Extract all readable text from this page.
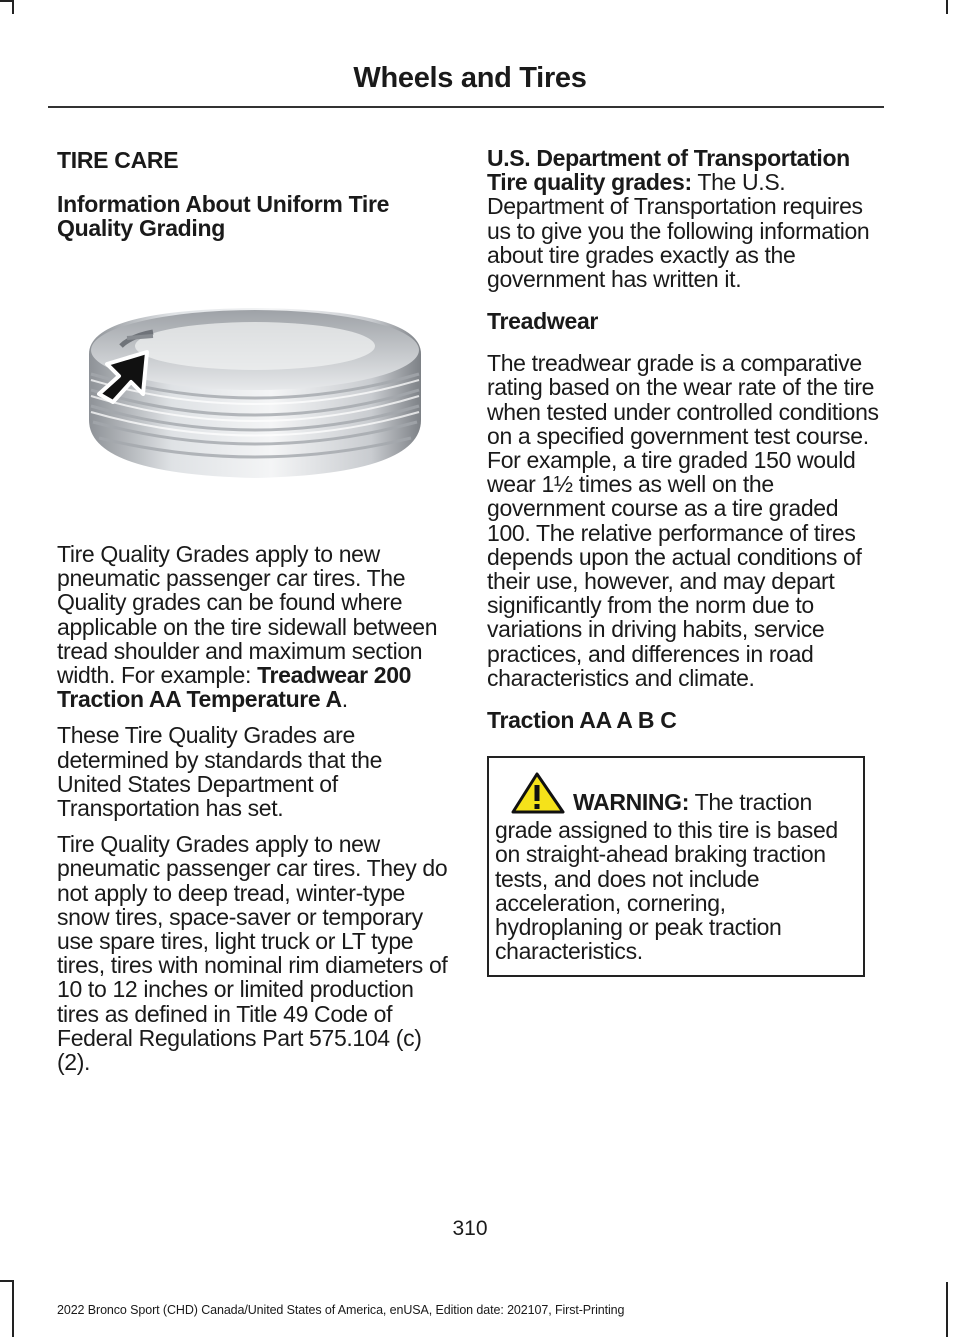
Wheels and Tires
TIRE CARE
Information About Uniform Tire Quality Grading

Tire Quality Grades apply to new pneumatic passenger car tires. The Quality grades can be found where applicable on the tire sidewall between tread shoulder and maximum section width. For example: Treadwear 200 Traction AA Temperature A.

These Tire Quality Grades are determined by standards that the United States Department of Transportation has set.

Tire Quality Grades apply to new pneumatic passenger car tires. They do not apply to deep tread, winter-type snow tires, space-saver or temporary use spare tires, light truck or LT type tires, tires with nominal rim diameters of 10 to 12 inches or limited production tires as defined in Title 49 Code of Federal Regulations Part 575.104 (c)(2).

U.S. Department of Transportation Tire quality grades: The U.S. Department of Transportation requires us to give you the following information about tire grades exactly as the government has written it.

Treadwear

The treadwear grade is a comparative rating based on the wear rate of the tire when tested under controlled conditions on a specified government test course. For example, a tire graded 150 would wear 1½ times as well on the government course as a tire graded 100. The relative performance of tires depends upon the actual conditions of their use, however, and may depart significantly from the norm due to variations in driving habits, service practices, and differences in road characteristics and climate.

Traction AA A B C

WARNING: The traction grade assigned to this tire is based on straight-ahead braking traction tests, and does not include acceleration, cornering, hydroplaning or peak traction characteristics.

310
2022 Bronco Sport (CHD) Canada/United States of America, enUSA, Edition date: 202107, First-Printing
